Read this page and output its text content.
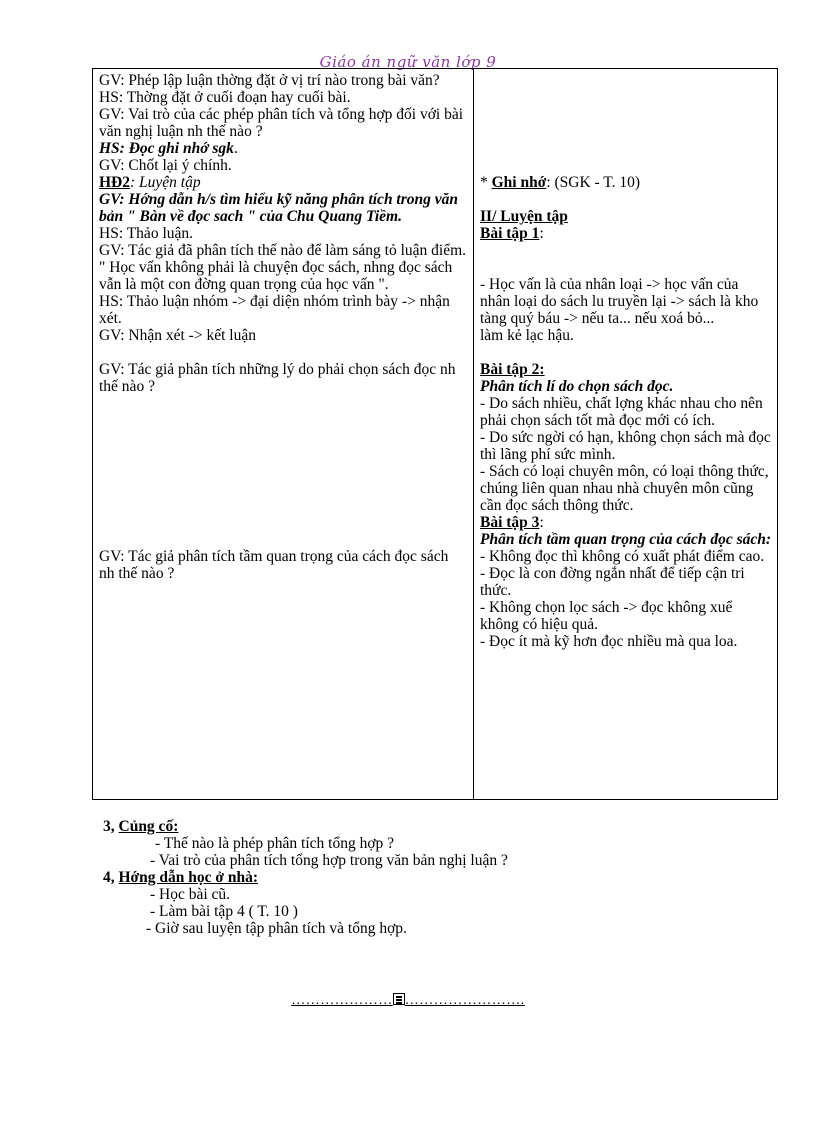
Giáo án ngữ văn lớp 9

GV: Phép lập luận thờng đặt ở vị trí nào trong bài văn?

HS: Thờng đặt ở cuối đoạn hay cuối bài.

GV: Vai trò của các phép phân tích và tổng hợp đối với bài văn nghị luận nh thế nào ?

HS: Đọc ghi nhớ sgk.

GV: Chốt lại ý chính.

HĐ2: Luyện tập

GV: Hớng dẫn h/s tìm hiểu kỹ năng phân tích trong văn bản " Bàn về đọc sach " của Chu Quang Tiềm.

HS: Thảo luận.

GV: Tác giả đã phân tích thế nào để làm sáng tỏ luận điểm. " Học vấn không phải là chuyện đọc sách, nhng đọc sách vẫn là một con đờng quan trọng của học vấn ".

HS: Thảo luận nhóm -> đại diện nhóm trình bày -> nhận xét.

GV: Nhận xét -> kết luận

GV: Tác giả phân tích những lý do phải chọn sách đọc nh thế nào ?

GV: Tác giả phân tích tầm quan trọng của cách đọc sách nh thế nào ?

* Ghi nhớ: (SGK - T. 10)

II/ Luyện tập

Bài tập 1:

- Học vấn là của nhân loại -> học vấn của nhân loại do sách lu truyền lại -> sách là kho tàng quý báu -> nếu ta... nếu xoá bỏ...

làm kẻ lạc hậu.

Bài tập 2:

Phân tích lí do chọn sách đọc.

- Do sách nhiều, chất lợng khác nhau cho nên phải chọn sách tốt mà đọc mới có ích.

- Do sức ngời có hạn, không chọn sách mà đọc thì lãng phí sức mình.

- Sách có loại chuyên môn, có loại thông thức, chúng liên quan nhau nhà chuyên môn cũng cần đọc sách thông thức.

Bài tập 3:

Phân tích tầm quan trọng của cách đọc sách:

- Không đọc thì không có xuất phát điểm cao.

- Đọc là con đờng ngắn nhất để tiếp cận tri thức.

- Không chọn lọc sách -> đọc không xuể không có hiệu quả.

- Đọc ít mà kỹ hơn đọc nhiều mà qua loa.

3, Củng cố:
- Thế nào là phép phân tích tổng hợp ?
- Vai trò của phân tích tổng hợp trong văn bản nghị luận ?
4, Hớng dẫn học ở nhà:
- Học bài cũ.
- Làm bài tập 4 ( T. 10 )
- Giờ sau luyện tập phân tích và tổng hợp.
………………… …………………….
